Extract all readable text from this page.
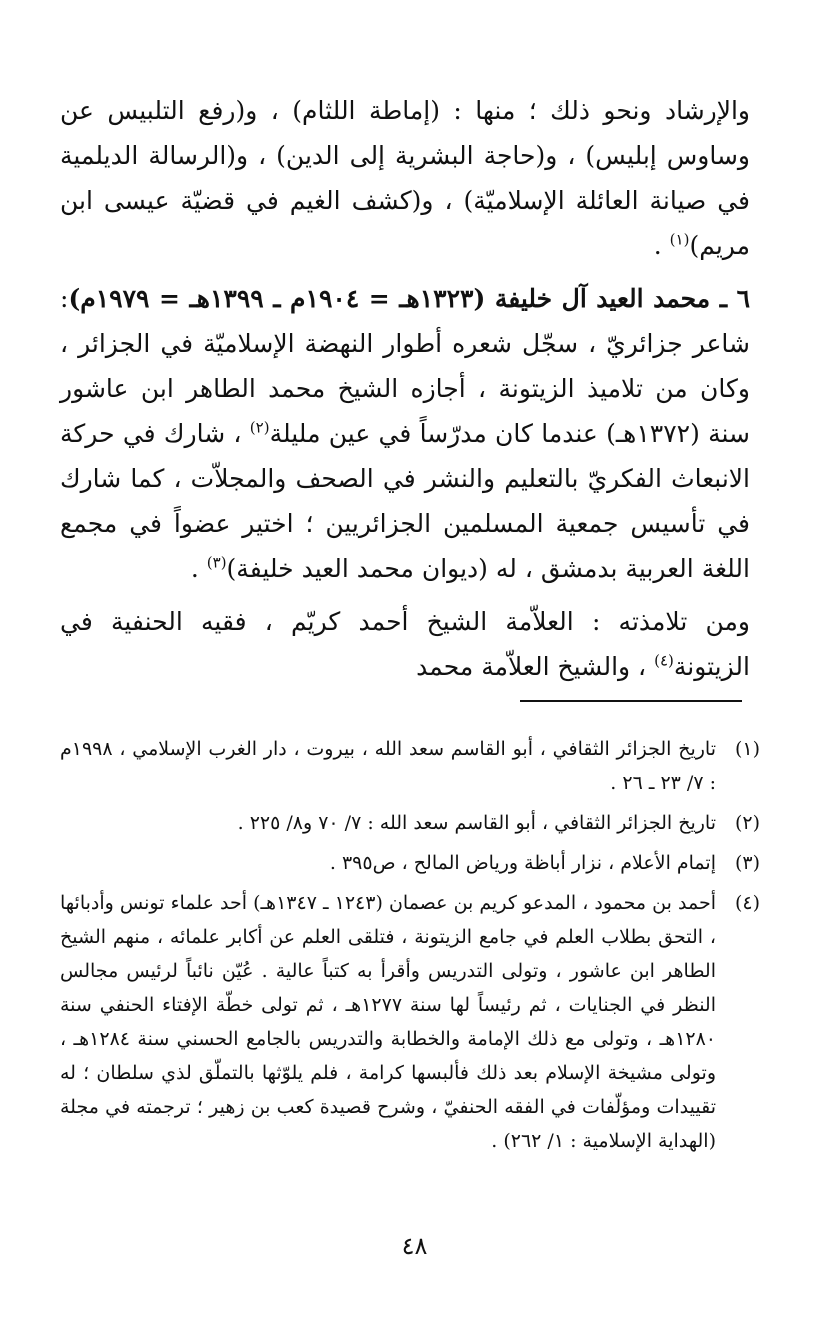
والإرشاد ونحو ذلك ؛ منها : (إماطة اللثام) ، و(رفع التلبيس عن وساوس إبليس) ، و(حاجة البشرية إلى الدين) ، و(الرسالة الديلمية في صيانة العائلة الإسلاميّة) ، و(كشف الغيم في قضيّة عيسى ابن مريم)$^{(١)}$ .

٦ ـ محمد العيد آل خليفة (١٣٢٣هـ = ١٩٠٤م ـ ١٣٩٩هـ = ١٩٧٩م): شاعر جزائريّ ، سجّل شعره أطوار النهضة الإسلاميّة في الجزائر ، وكان من تلاميذ الزيتونة ، أجازه الشيخ محمد الطاهر ابن عاشور سنة (١٣٧٢هـ) عندما كان مدرّساً في عين مليلة$^{(٢)}$ ، شارك في حركة الانبعاث الفكريّ بالتعليم والنشر في الصحف والمجلاّت ، كما شارك في تأسيس جمعية المسلمين الجزائريين ؛ اختير عضواً في مجمع اللغة العربية بدمشق ، له (ديوان محمد العيد خليفة)$^{(٣)}$ .

ومن تلامذته : العلاّمة الشيخ أحمد كريّم ، فقيه الحنفية في الزيتونة$^{(٤)}$ ، والشيخ العلاّمة محمد

(١)
تاريخ الجزائر الثقافي ، أبو القاسم سعد الله ، بيروت ، دار الغرب الإسلامي ، ١٩٩٨م : ٧/ ٢٣ ـ ٢٦ .
(٢)
تاريخ الجزائر الثقافي ، أبو القاسم سعد الله : ٧/ ٧٠ و٨/ ٢٢٥ .
(٣)
إتمام الأعلام ، نزار أباظة ورياض المالح ، ص٣٩٥ .
(٤)
أحمد بن محمود ، المدعو كريم بن عصمان (١٢٤٣ ـ ١٣٤٧هـ) أحد علماء تونس وأدبائها ، التحق بطلاب العلم في جامع الزيتونة ، فتلقى العلم عن أكابر علمائه ، منهم الشيخ الطاهر ابن عاشور ، وتولى التدريس وأقرأ به كتباً عالية . عُيّن نائباً لرئيس مجالس النظر في الجنايات ، ثم رئيساً لها سنة ١٢٧٧هـ ، ثم تولى خطّة الإفتاء الحنفي سنة ١٢٨٠هـ ، وتولى مع ذلك الإمامة والخطابة والتدريس بالجامع الحسني سنة ١٢٨٤هـ ، وتولى مشيخة الإسلام بعد ذلك فألبسها كرامة ، فلم يلوّثها بالتملّق لذي سلطان ؛ له تقييدات ومؤلّفات في الفقه الحنفيّ ، وشرح قصيدة كعب بن زهير ؛ ترجمته في مجلة (الهداية الإسلامية : ١/ ٢٦٢) .
٤٨
